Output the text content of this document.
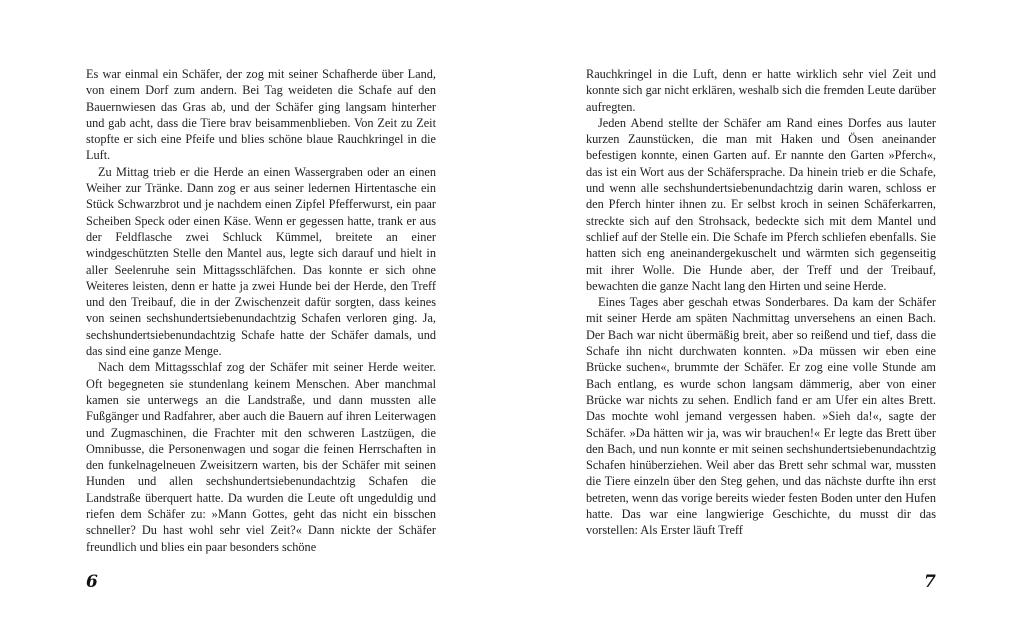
Es war einmal ein Schäfer, der zog mit seiner Schafherde über Land, von einem Dorf zum andern. Bei Tag weideten die Schafe auf den Bauernwiesen das Gras ab, und der Schäfer ging langsam hinterher und gab acht, dass die Tiere brav beisammenblieben. Von Zeit zu Zeit stopfte er sich eine Pfeife und blies schöne blaue Rauchkringel in die Luft.

Zu Mittag trieb er die Herde an einen Wassergraben oder an einen Weiher zur Tränke. Dann zog er aus seiner ledernen Hirtentasche ein Stück Schwarzbrot und je nachdem einen Zipfel Pfefferwurst, ein paar Scheiben Speck oder einen Käse. Wenn er gegessen hatte, trank er aus der Feldflasche zwei Schluck Kümmel, breitete an einer windgeschützten Stelle den Mantel aus, legte sich darauf und hielt in aller Seelenruhe sein Mittagsschläfchen. Das konnte er sich ohne Weiteres leisten, denn er hatte ja zwei Hunde bei der Herde, den Treff und den Treibauf, die in der Zwischenzeit dafür sorgten, dass keines von seinen sechshundertsiebenundachtzig Schafen verloren ging. Ja, sechshundertsiebenundachtzig Schafe hatte der Schäfer damals, und das sind eine ganze Menge.

Nach dem Mittagsschlaf zog der Schäfer mit seiner Herde weiter. Oft begegneten sie stundenlang keinem Menschen. Aber manchmal kamen sie unterwegs an die Landstraße, und dann mussten alle Fußgänger und Radfahrer, aber auch die Bauern auf ihren Leiterwagen und Zugmaschinen, die Frachter mit den schweren Lastzügen, die Omnibusse, die Personenwagen und sogar die feinen Herrschaften in den funkelnagelneuen Zweisitzern warten, bis der Schäfer mit seinen Hunden und allen sechshundertsiebenundachtzig Schafen die Landstraße überquert hatte. Da wurden die Leute oft ungeduldig und riefen dem Schäfer zu: »Mann Gottes, geht das nicht ein bisschen schneller? Du hast wohl sehr viel Zeit?« Dann nickte der Schäfer freundlich und blies ein paar besonders schöne

6

Rauchkringel in die Luft, denn er hatte wirklich sehr viel Zeit und konnte sich gar nicht erklären, weshalb sich die fremden Leute darüber aufregten.

Jeden Abend stellte der Schäfer am Rand eines Dorfes aus lauter kurzen Zaunstücken, die man mit Haken und Ösen aneinander befestigen konnte, einen Garten auf. Er nannte den Garten »Pferch«, das ist ein Wort aus der Schäfersprache. Da hinein trieb er die Schafe, und wenn alle sechshundertsiebenundachtzig darin waren, schloss er den Pferch hinter ihnen zu. Er selbst kroch in seinen Schäferkarren, streckte sich auf den Strohsack, bedeckte sich mit dem Mantel und schlief auf der Stelle ein. Die Schafe im Pferch schliefen ebenfalls. Sie hatten sich eng aneinandergekuschelt und wärmten sich gegenseitig mit ihrer Wolle. Die Hunde aber, der Treff und der Treibauf, bewachten die ganze Nacht lang den Hirten und seine Herde.

Eines Tages aber geschah etwas Sonderbares. Da kam der Schäfer mit seiner Herde am späten Nachmittag unversehens an einen Bach. Der Bach war nicht übermäßig breit, aber so reißend und tief, dass die Schafe ihn nicht durchwaten konnten. »Da müssen wir eben eine Brücke suchen«, brummte der Schäfer. Er zog eine volle Stunde am Bach entlang, es wurde schon langsam dämmerig, aber von einer Brücke war nichts zu sehen. Endlich fand er am Ufer ein altes Brett. Das mochte wohl jemand vergessen haben. »Sieh da!«, sagte der Schäfer. »Da hätten wir ja, was wir brauchen!« Er legte das Brett über den Bach, und nun konnte er mit seinen sechshundertsiebenundachtzig Schafen hinüberziehen. Weil aber das Brett sehr schmal war, mussten die Tiere einzeln über den Steg gehen, und das nächste durfte ihn erst betreten, wenn das vorige bereits wieder festen Boden unter den Hufen hatte. Das war eine langwierige Geschichte, du musst dir das vorstellen: Als Erster läuft Treff

7
